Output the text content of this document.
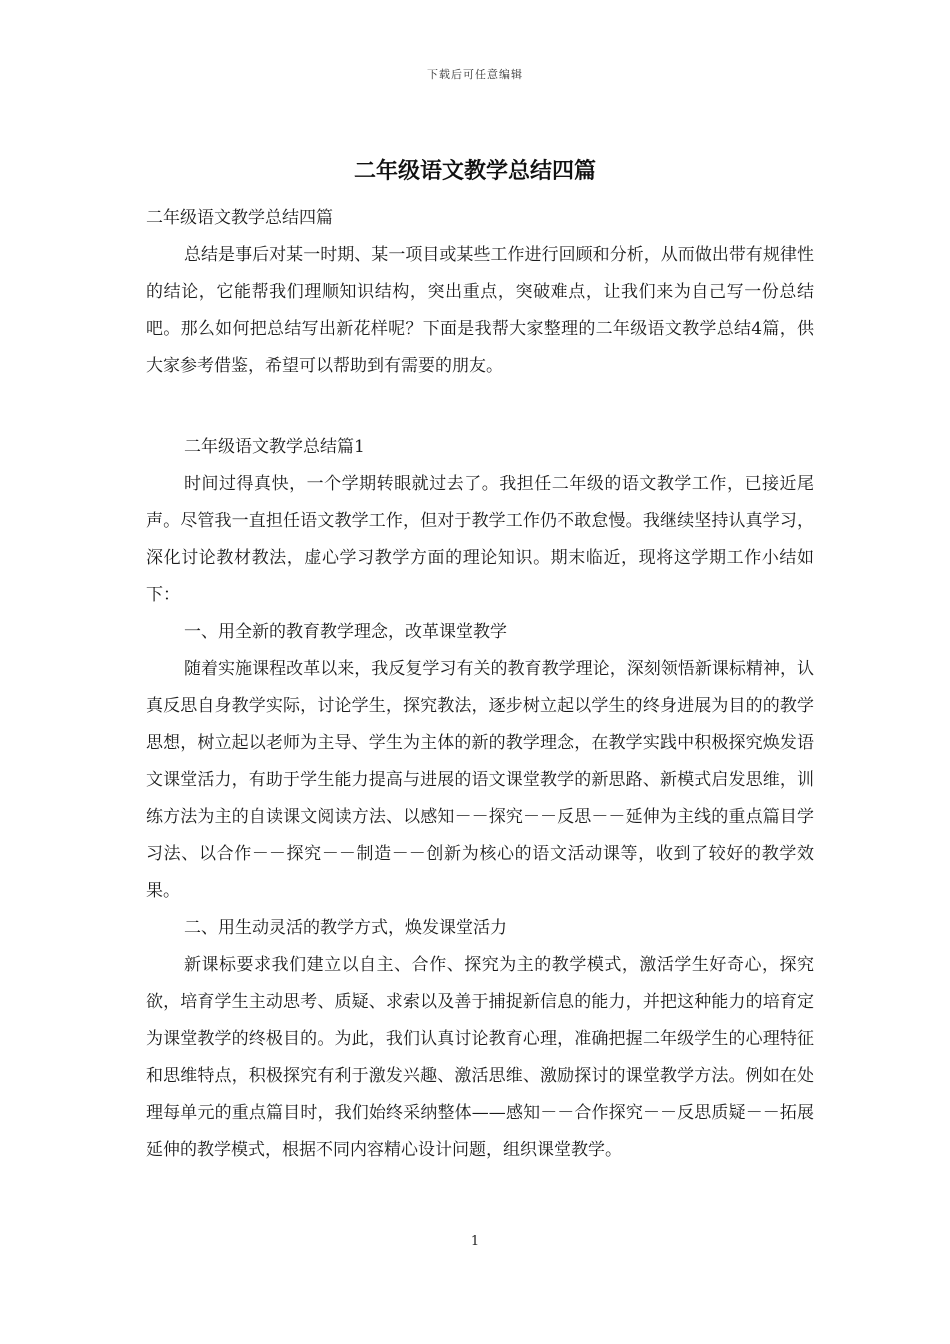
下载后可任意编辑
二年级语文教学总结四篇

二年级语文教学总结四篇

总结是事后对某一时期、某一项目或某些工作进行回顾和分析，从而做出带有规律性的结论，它能帮我们理顺知识结构，突出重点，突破难点，让我们来为自己写一份总结吧。那么如何把总结写出新花样呢？下面是我帮大家整理的二年级语文教学总结4篇，供大家参考借鉴，希望可以帮助到有需要的朋友。

二年级语文教学总结篇1

时间过得真快，一个学期转眼就过去了。我担任二年级的语文教学工作，已接近尾声。尽管我一直担任语文教学工作，但对于教学工作仍不敢怠慢。我继续坚持认真学习，深化讨论教材教法，虚心学习教学方面的理论知识。期末临近，现将这学期工作小结如下：

一、用全新的教育教学理念，改革课堂教学

随着实施课程改革以来，我反复学习有关的教育教学理论，深刻领悟新课标精神，认真反思自身教学实际，讨论学生，探究教法，逐步树立起以学生的终身进展为目的的教学思想，树立起以老师为主导、学生为主体的新的教学理念，在教学实践中积极探究焕发语文课堂活力，有助于学生能力提高与进展的语文课堂教学的新思路、新模式启发思维，训练方法为主的自读课文阅读方法、以感知－－探究－－反思－－延伸为主线的重点篇目学习法、以合作－－探究－－制造－－创新为核心的语文活动课等，收到了较好的教学效果。

二、用生动灵活的教学方式，焕发课堂活力

新课标要求我们建立以自主、合作、探究为主的教学模式，激活学生好奇心，探究欲，培育学生主动思考、质疑、求索以及善于捕捉新信息的能力，并把这种能力的培育定为课堂教学的终极目的。为此，我们认真讨论教育心理，准确把握二年级学生的心理特征和思维特点，积极探究有利于激发兴趣、激活思维、激励探讨的课堂教学方法。例如在处理每单元的重点篇目时，我们始终采纳整体——感知－－合作探究－－反思质疑－－拓展延伸的教学模式，根据不同内容精心设计问题，组织课堂教学。

1
